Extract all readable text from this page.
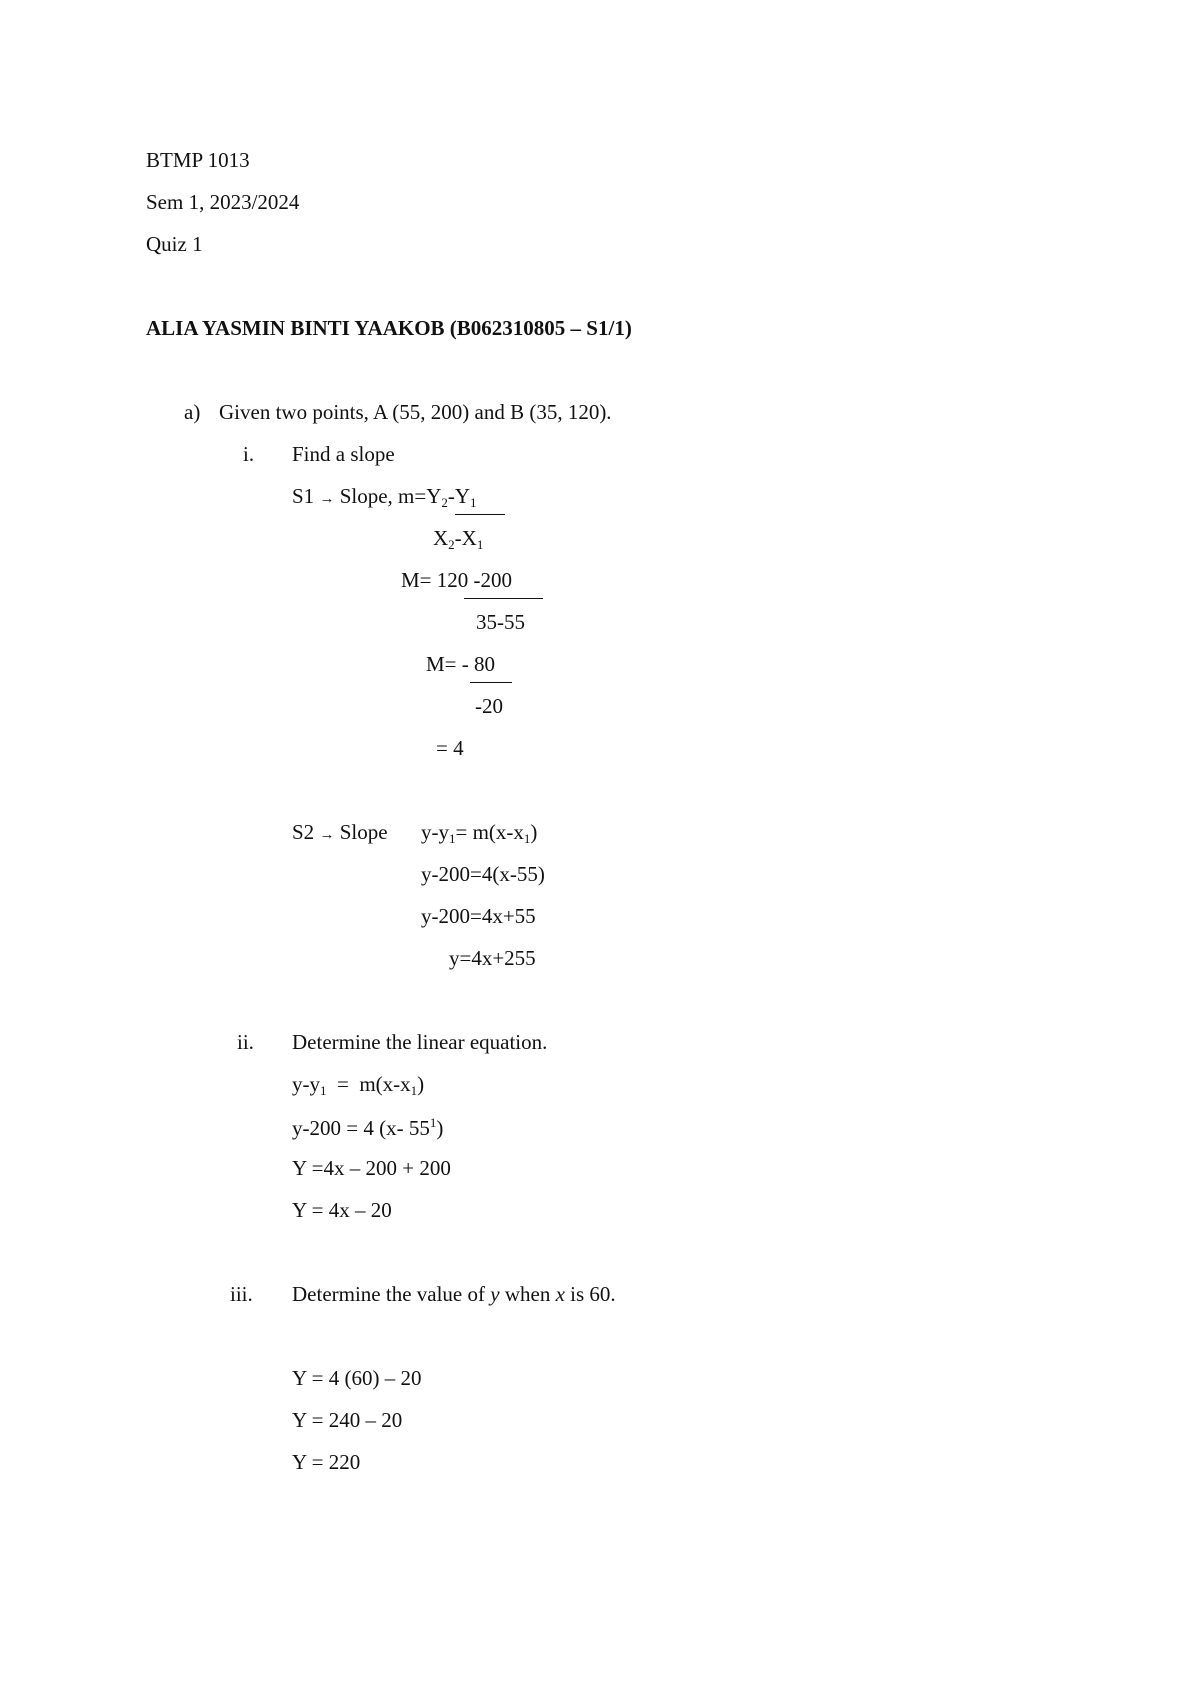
BTMP 1013
Sem 1, 2023/2024
Quiz 1
ALIA YASMIN BINTI YAAKOB (B062310805 – S1/1)
a) Given two points, A (55, 200) and B (35, 120).
i. Find a slope
S1 → Slope, $m=Y_2-Y_1$
$X_2-X_1$
M= 120 -200
35-55
M= - 80
-20
= 4
S2 → Slope $y-y_1= m(x-x_1)$
y-200=4(x-55)
y-200=4x+55
y=4x+255
ii. Determine the linear equation.
$y-y_1 = m(x-x_1)$
y-200 = 4 (x- $55^1$)
Y =4x – 200 + 200
Y = 4x – 20
iii. Determine the value of y when x is 60.
Y = 4 (60) – 20
Y = 240 – 20
Y = 220
